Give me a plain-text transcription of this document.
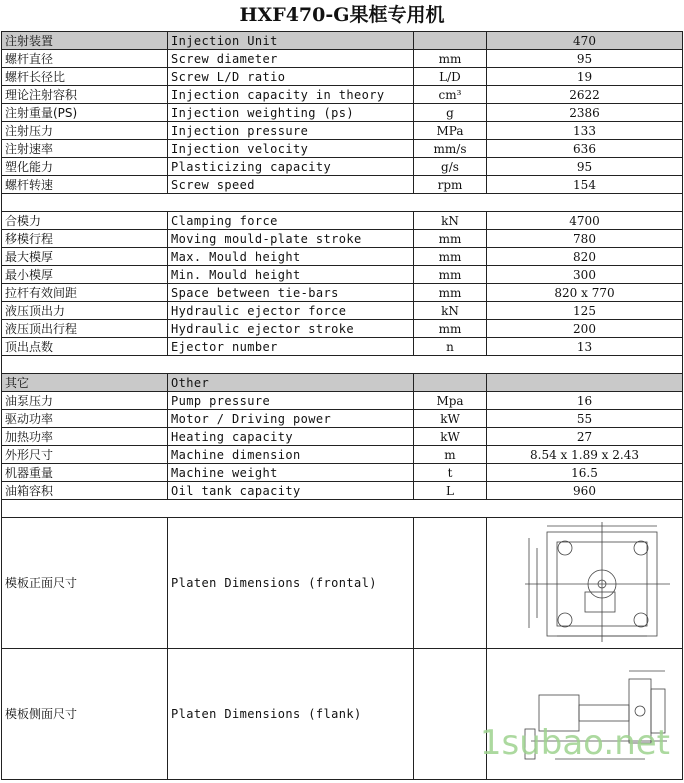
HXF470-G果框专用机
注射装置	Injection Unit		470
螺杆直径	Screw diameter	mm	95
螺杆长径比	Screw L/D ratio	L/D	19
理论注射容积	Injection capacity in theory	cm³	2622
注射重量(PS)	Injection weighting (ps)	g	2386
注射压力	Injection pressure	MPa	133
注射速率	Injection velocity	mm/s	636
塑化能力	Plasticizing capacity	g/s	95
螺杆转速	Screw speed	rpm	154

合模力	Clamping force	kN	4700
移模行程	Moving mould-plate stroke	mm	780
最大模厚	Max. Mould height	mm	820
最小模厚	Min. Mould height	mm	300
拉杆有效间距	Space between tie-bars	mm	820 x 770
液压顶出力	Hydraulic ejector force	kN	125
液压顶出行程	Hydraulic ejector stroke	mm	200
顶出点数	Ejector number	n	13

其它	Other		
油泵压力	Pump pressure	Mpa	16
驱动功率	Motor / Driving power	kW	55
加热功率	Heating capacity	kW	27
外形尺寸	Machine dimension	m	8.54 x 1.89 x 2.43
机器重量	Machine weight	t	16.5
油箱容积	Oil tank capacity	L	960

模板正面尺寸	Platen Dimensions (frontal)		
模板侧面尺寸	Platen Dimensions (flank)		
1subao.net
